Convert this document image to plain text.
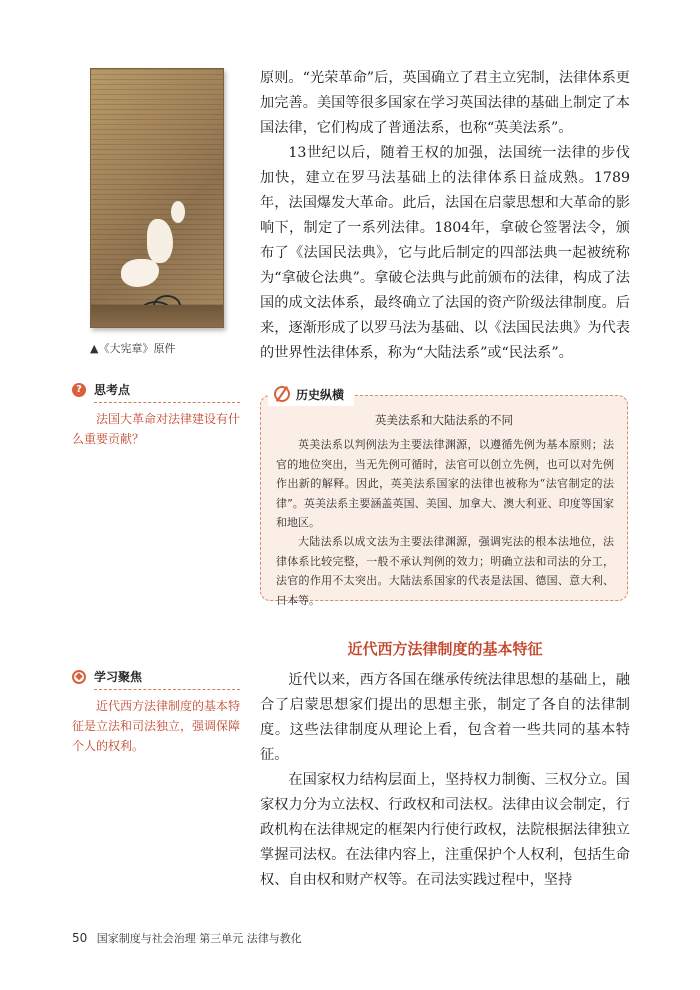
▲《大宪章》原件
原则。“光荣革命”后，英国确立了君主立宪制，法律体系更加完善。美国等很多国家在学习英国法律的基础上制定了本国法律，它们构成了普通法系，也称“英美法系”。
13世纪以后，随着王权的加强，法国统一法律的步伐加快，建立在罗马法基础上的法律体系日益成熟。1789年，法国爆发大革命。此后，法国在启蒙思想和大革命的影响下，制定了一系列法律。1804年，拿破仑签署法令，颁布了《法国民法典》，它与此后制定的四部法典一起被统称为“拿破仑法典”。拿破仑法典与此前颁布的法律，构成了法国的成文法体系，最终确立了法国的资产阶级法律制度。后来，逐渐形成了以罗马法为基础、以《法国民法典》为代表的世界性法律体系，称为“大陆法系”或“民法系”。
?	思考点
法国大革命对法律建设有什么重要贡献？
历史纵横
英美法系和大陆法系的不同
英美法系以判例法为主要法律渊源，以遵循先例为基本原则；法官的地位突出，当无先例可循时，法官可以创立先例，也可以对先例作出新的解释。因此，英美法系国家的法律也被称为“法官制定的法律”。英美法系主要涵盖英国、美国、加拿大、澳大利亚、印度等国家和地区。
大陆法系以成文法为主要法律渊源，强调宪法的根本法地位，法律体系比较完整，一般不承认判例的效力；明确立法和司法的分工，法官的作用不太突出。大陆法系国家的代表是法国、德国、意大利、日本等。
近代西方法律制度的基本特征
◆ 学习聚焦
近代西方法律制度的基本特征是立法和司法独立，强调保障个人的权利。
近代以来，西方各国在继承传统法律思想的基础上，融合了启蒙思想家们提出的思想主张，制定了各自的法律制度。这些法律制度从理论上看，包含着一些共同的基本特征。
在国家权力结构层面上，坚持权力制衡、三权分立。国家权力分为立法权、行政权和司法权。法律由议会制定，行政机构在法律规定的框架内行使行政权，法院根据法律独立掌握司法权。在法律内容上，注重保护个人权利，包括生命权、自由权和财产权等。在司法实践过程中，坚持
50 国家制度与社会治理 第三单元 法律与教化
